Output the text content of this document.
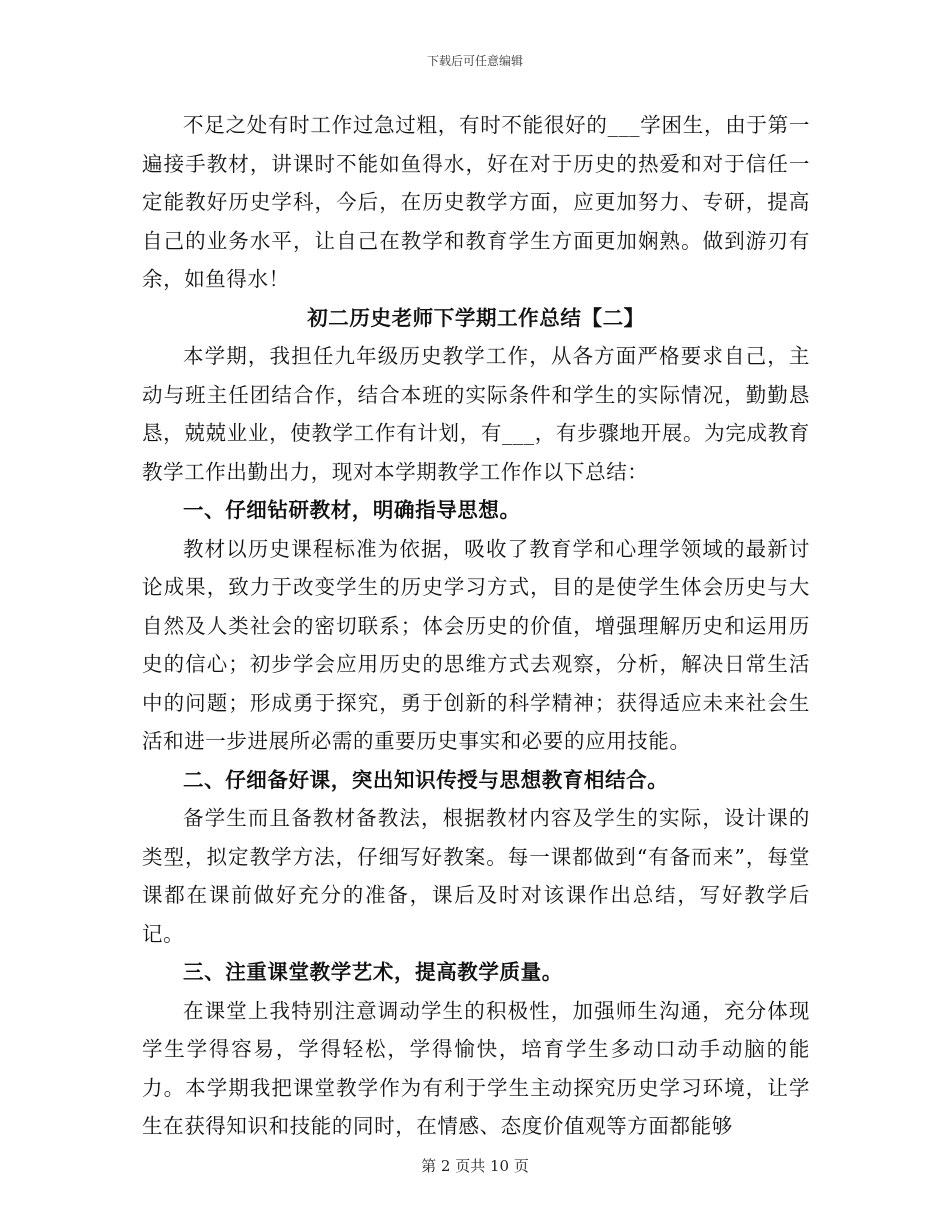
下载后可任意编辑

不足之处有时工作过急过粗，有时不能很好的___学困生，由于第一遍接手教材，讲课时不能如鱼得水，好在对于历史的热爱和对于信任一定能教好历史学科，今后，在历史教学方面，应更加努力、专研，提高自己的业务水平，让自己在教学和教育学生方面更加娴熟。做到游刃有余，如鱼得水！

初二历史老师下学期工作总结【二】

本学期，我担任九年级历史教学工作，从各方面严格要求自己，主动与班主任团结合作，结合本班的实际条件和学生的实际情况，勤勤恳恳，兢兢业业，使教学工作有计划，有___，有步骤地开展。为完成教育教学工作出勤出力，现对本学期教学工作作以下总结：

一、仔细钻研教材，明确指导思想。

教材以历史课程标准为依据，吸收了教育学和心理学领域的最新讨论成果，致力于改变学生的历史学习方式，目的是使学生体会历史与大自然及人类社会的密切联系；体会历史的价值，增强理解历史和运用历史的信心；初步学会应用历史的思维方式去观察，分析，解决日常生活中的问题；形成勇于探究，勇于创新的科学精神；获得适应未来社会生活和进一步进展所必需的重要历史事实和必要的应用技能。

二、仔细备好课，突出知识传授与思想教育相结合。

备学生而且备教材备教法，根据教材内容及学生的实际，设计课的类型，拟定教学方法，仔细写好教案。每一课都做到“有备而来”，每堂课都在课前做好充分的准备，课后及时对该课作出总结，写好教学后记。

三、注重课堂教学艺术，提高教学质量。

在课堂上我特别注意调动学生的积极性，加强师生沟通，充分体现学生学得容易，学得轻松，学得愉快，培育学生多动口动手动脑的能力。本学期我把课堂教学作为有利于学生主动探究历史学习环境，让学生在获得知识和技能的同时，在情感、态度价值观等方面都能够

第 2 页共 10 页
